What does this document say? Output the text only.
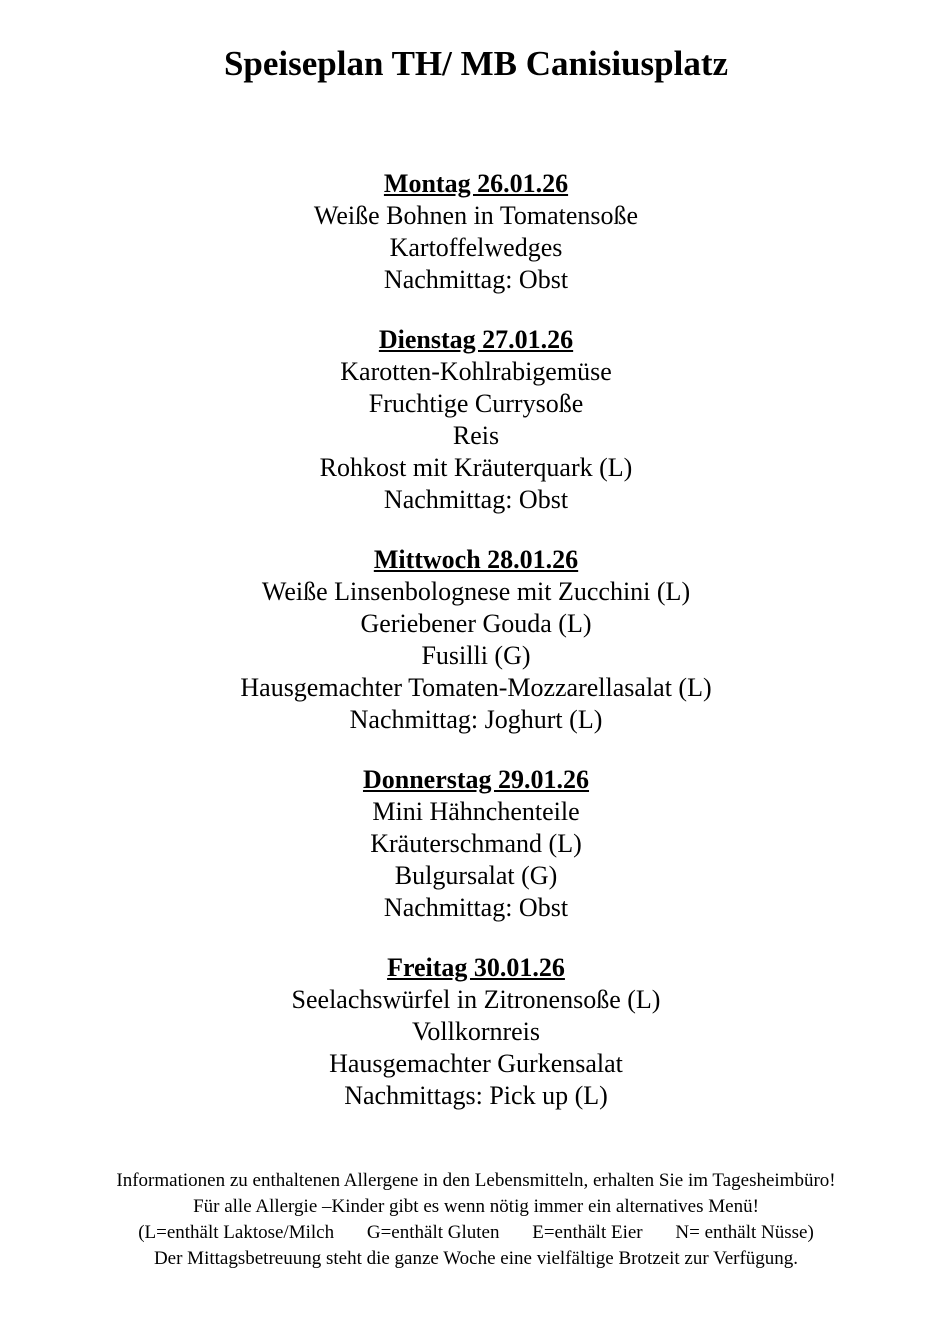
Speiseplan TH/ MB Canisiusplatz
Montag 26.01.26
Weiße Bohnen in Tomatensoße
Kartoffelwedges
Nachmittag: Obst
Dienstag 27.01.26
Karotten-Kohlrabigemüse
Fruchtige Currysoße
Reis
Rohkost mit Kräuterquark (L)
Nachmittag: Obst
Mittwoch 28.01.26
Weiße Linsenbolognese mit Zucchini (L)
Geriebener Gouda (L)
Fusilli (G)
Hausgemachter Tomaten-Mozzarellasalat (L)
Nachmittag: Joghurt (L)
Donnerstag 29.01.26
Mini Hähnchenteile
Kräuterschmand (L)
Bulgursalat (G)
Nachmittag: Obst
Freitag 30.01.26
Seelachswürfel in Zitronensoße (L)
Vollkornreis
Hausgemachter Gurkensalat
Nachmittags: Pick up (L)
Informationen zu enthaltenen Allergene in den Lebensmitteln, erhalten Sie im Tagesheimbüro!
Für alle Allergie –Kinder gibt es wenn nötig immer ein alternatives Menü!
(L=enthält Laktose/Milch G=enthält Gluten E=enthält Eier N= enthält Nüsse)
Der Mittagsbetreuung steht die ganze Woche eine vielfältige Brotzeit zur Verfügung.
